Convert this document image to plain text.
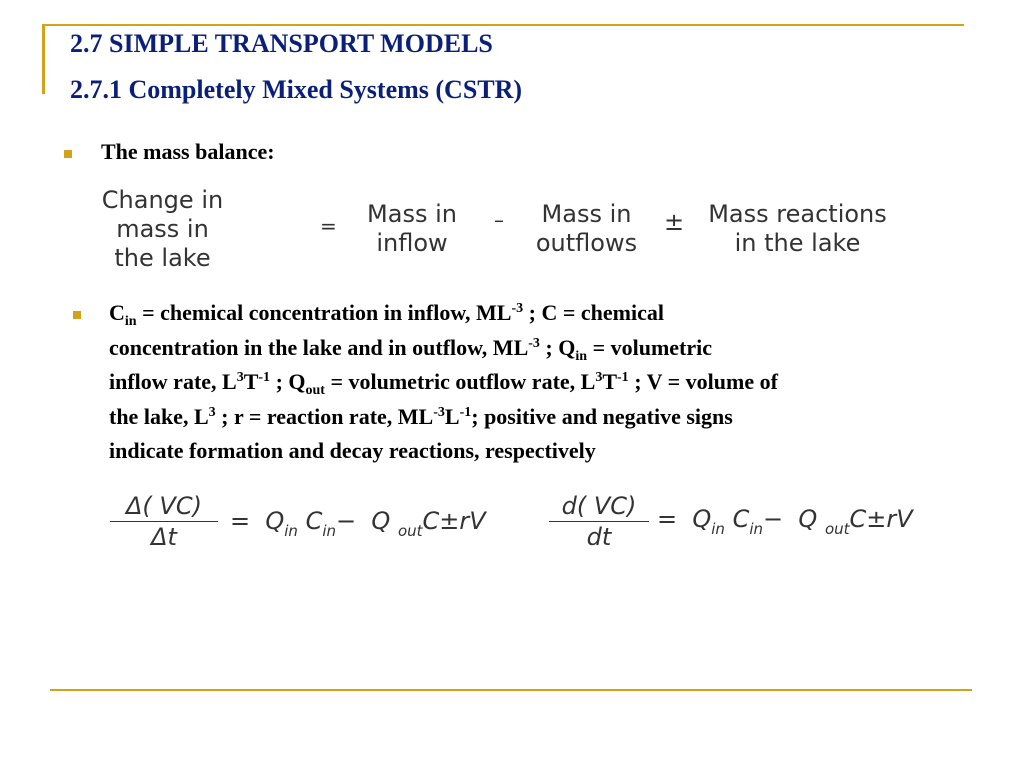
2.7 SIMPLE TRANSPORT MODELS
2.7.1 Completely Mixed Systems (CSTR)
The mass balance:
Change in
mass in
the lake
=	Mass in
inflow
–	Mass in
outflows
±	Mass reactions
in the lake
$C_{in}$ = chemical concentration in inflow, $ML^{-3}$ ; C = chemical
concentration in the lake and in outflow, $ML^{-3}$ ; $Q_{in}$ = volumetric
inflow rate, $L^3T^{-1}$ ; $Q_{out}$ = volumetric outflow rate, $L^3T^{-1}$ ; V = volume of
the lake, $L^3$ ; r = reaction rate, $ML^{-3}L^{-1}$; positive and negative signs
indicate formation and decay reactions, respectively
Δ( VC)
Δt
= $Q_{in}$ $C_{in}- Q$ $_{out}$C±rV
d( VC)
dt
= $Q_{in}$ $C_{in}- Q$ $_{out}$C±rV
